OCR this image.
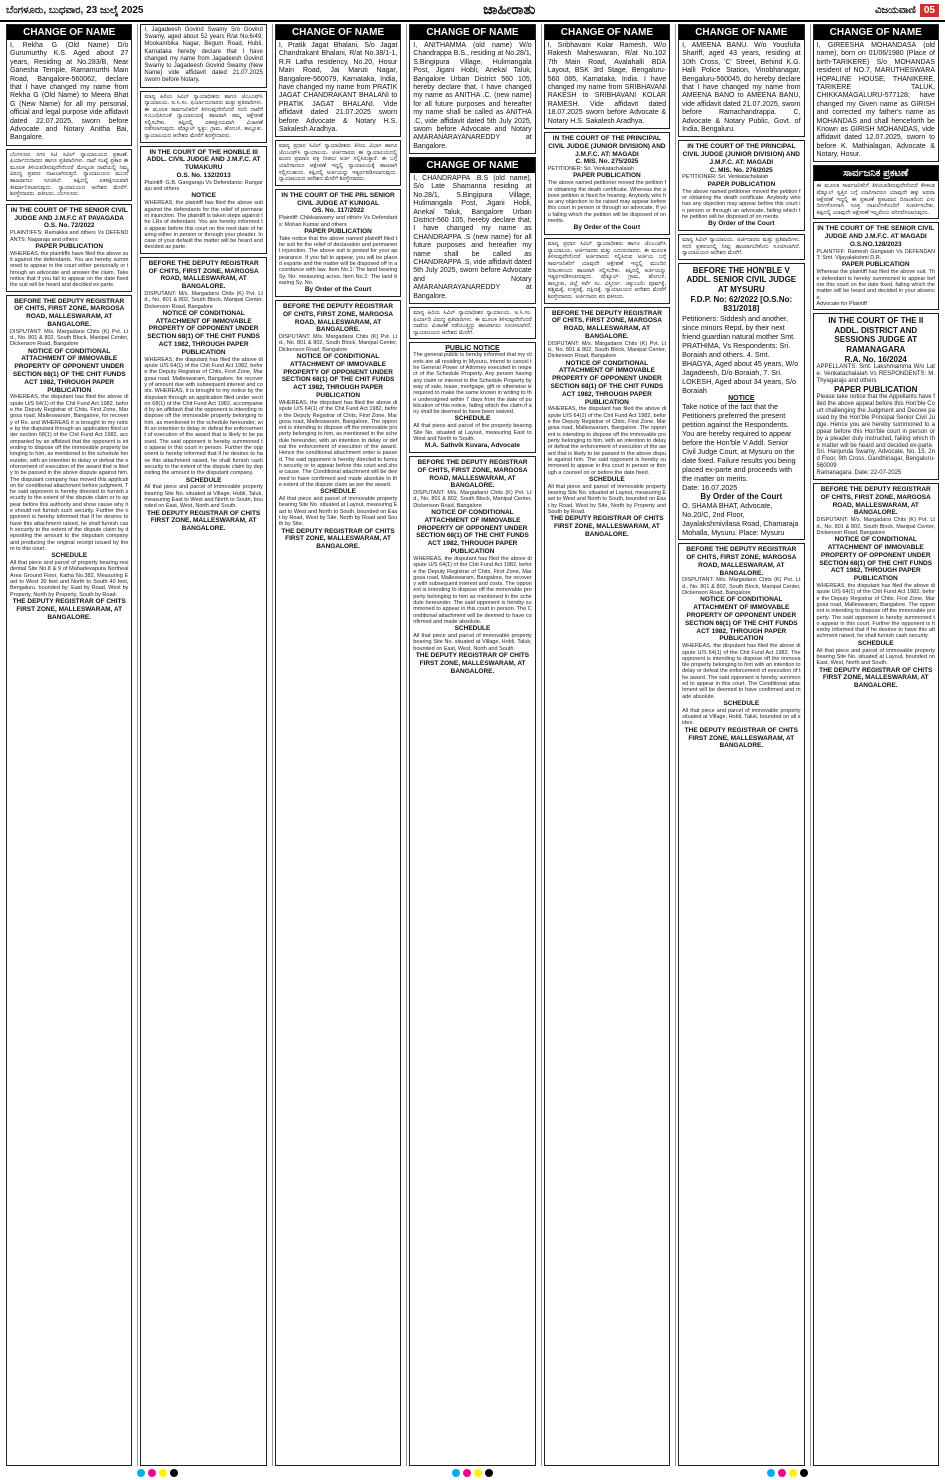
ಬೆಂಗಳೂರು, ಬುಧವಾರ, 23 ಜುಲೈ 2025	ಜಾಹೀರಾತು	ವಿಜಯವಾಣಿ 05
CHANGE OF NAME
I, Rekha G (Old Name) D/o Gurumurthy K.S. Aged about 27 years, Residing at No.283/B, Near Ganesha Temple, Ramamurthi Main Road, Bangalore-560062, declare that I have changed my name from Rekha G (Old Name) to Meera Bhat G (New Name) for all my personal, official and legal purpose vide affidavit dated 22.07.2025, sworn before Advocate and Notary Anitha Bai, Bangalore.
ಬೆಂಗಳೂರು ನಗರ ಸಿಟಿ ಸಿವಿಲ್ ನ್ಯಾಯಾಲಯದ ಪ್ರಕಟಣೆ. ಫಿರ್ಯಾದುದಾರರು ಹಾಗೂ ಪ್ರತಿವಾದಿಗಳು. ದಾವೆ ಸಂಖ್ಯೆ ಪ್ರಕಾರ ಈ ಮೂಲಕ ತಿಳಿಯಪಡಿಸುವುದೇನೆಂದರೆ ಮೇಲ್ಕಂಡ ದಾವೆಯಲ್ಲಿ ನಿಮ್ಮ ವಿರುದ್ಧ ಪ್ರಕರಣ ದಾಖಲಾಗಿರುತ್ತದೆ. ನ್ಯಾಯಾಲಯದ ಮುಂದೆ ಹಾಜರಾಗಲು ಸೂಚಿಸಿದೆ. ತಪ್ಪಿದಲ್ಲಿ ಏಕಪಕ್ಷೀಯವಾಗಿ ತೀರ್ಮಾನಿಸಲಾಗುವುದು. ನ್ಯಾಯಾಲಯದ ಆದೇಶದ ಮೇರೆಗೆ. ಶಿರಸ್ತೇದಾರರು. ವಕೀಲರು, ಬೆಂಗಳೂರು.
IN THE COURT OF THE SENIOR CIVIL JUDGE AND J.M.F.C AT PAVAGADA
O.S. No. 72/2022
PLAINTIFFS: Ramakka and others Vs DEFENDANTS: Nagaraja and others
PAPER PUBLICATION
WHEREAS, the plaintiffs have filed the above suit against the defendants. You are hereby summoned to appear in the court either personally or through an advocate and answer the claim. Take notice that if you fail to appear on the date fixed the suit will be heard and decided ex parte.
BEFORE THE DEPUTY REGISTRAR OF CHITS, FIRST ZONE, MARGOSA ROAD, MALLESWARAM, AT BANGALORE.
DISPUTANT: M/s. Margadarsi Chits (K) Pvt. Ltd., No. 801 & 802, South Block, Manipal Center, Dickenson Road, Bangalore
NOTICE OF CONDITIONAL ATTACHMENT OF IMMOVABLE PROPERTY OF OPPONENT UNDER SECTION 68(1) OF THE CHIT FUNDS ACT 1982, THROUGH PAPER PUBLICATION
WHEREAS, the disputant has filed the above dispute U/S 64(1) of the Chit Fund Act 1982, before the Deputy Registrar of Chits, First Zone, Margosa road, Malleswaram, Bangalore, for recovery of Rs. and WHEREAS it is brought to my notice by the disputant through an application filed under section 68(1) of the Chit Fund Act 1982, accompanied by an affidavit that the opponent is intending to dispose off the immovable property belonging to him, as mentioned in the schedule hereunder, with an intention to delay or defeat the enforcement of execution of the award that is likely to be passed in the above dispute against him. The disputant company has moved this application for conditional attachment before judgment. The said opponent is hereby directed to furnish security to the extent of the dispute claim or to appear before this authority and show cause why he should not furnish such security. Further the opponent is hereby informed that if he desires to have this attachment raised, he shall furnish cash security to the extent of the dispute claim by depositing the amount to the disputant company and producing the original receipt issued by them to this court.
SCHEDULE
All that piece and parcel of property bearing residential Site No.8 & 9 of Mahadevapura Northeal Area Ground Floor, Katha No.382, Measuring East to West 30 feet and North to South 40 feet, Bengaluru, bounded by: East by Road, West by Property, North by Property, South by Road.
THE DEPUTY REGISTRAR OF CHITS FIRST ZONE, MALLESWARAM, AT BANGALORE.
I, Jagadeesh Govind Swamy S/o Govind Swamy, aged about 52 years R/at No.6/49, Mookambika Nagar, Begum Road, Hubli, Karnataka hereby declare that I have changed my name from Jagadeesh Govind Swamy to Jagadeesh Govind Swamy (New Name) vide affidavit dated 21.07.2025 sworn before Notary.
ಮಾನ್ಯ ಹಿರಿಯ ಸಿವಿಲ್ ನ್ಯಾಯಾಧೀಶರು ಹಾಗೂ ಜೆಎಂಎಫ್‌ಸಿ ನ್ಯಾಯಾಲಯ. ಅ.ಸಿ.ಸಂ. ಫಿರ್ಯಾದುದಾರರು ಮತ್ತು ಪ್ರತಿವಾದಿಗಳು. ಈ ಮೂಲಕ ಸಾರ್ವಜನಿಕರಿಗೆ ತಿಳಿಸುವುದೇನೆಂದರೆ ಸದರಿ ದಾವೆಗೆ ಸಂಬಂಧಿಸಿದಂತೆ ನ್ಯಾಯಾಲಯಕ್ಕೆ ಹಾಜರಾಗಿ ತಮ್ಮ ಆಕ್ಷೇಪಣೆ ಸಲ್ಲಿಸಬೇಕು. ತಪ್ಪಿದಲ್ಲಿ ಏಕಪಕ್ಷೀಯವಾಗಿ ವಿಚಾರಣೆ ನಡೆಸಲಾಗುವುದು. ಷೆಡ್ಯೂಲ್ ಸ್ವತ್ತು: ಗ್ರಾಮ, ಹೋಬಳಿ, ತಾಲ್ಲೂಕು. ನ್ಯಾಯಾಲಯದ ಆದೇಶದ ಮೇರೆಗೆ ಶಿರಸ್ತೇದಾರರು.
IN THE COURT OF THE HONBLE III ADDL. CIVIL JUDGE AND J.M.F.C. AT TUMAKURU
O.S. No. 132/2013
Plaintiff: G.B. Gangaraju Vs Defendants: Rangaraju and others
NOTICE
WHEREAS, the plaintiff has filed the above suit against the defendants for the relief of permanent injunction. The plaintiff is taken steps against the LRs of defendant. You are hereby informed to appear before this court on the next date of hearing either in person or through your pleader. In case of your default the matter will be heard and decided as parte.
BEFORE THE DEPUTY REGISTRAR OF CHITS, FIRST ZONE, MARGOSA ROAD, MALLESWARAM, AT BANGALORE.
DISPUTANT: M/s. Margadarsi Chits (K) Pvt. Ltd., No. 801 & 802, South Block, Manipal Center, Dickenson Road, Bangalore
NOTICE OF CONDITIONAL ATTACHMENT OF IMMOVABLE PROPERTY OF OPPONENT UNDER SECTION 68(1) OF THE CHIT FUNDS ACT 1982, THROUGH PAPER PUBLICATION
WHEREAS, the disputant has filed the above dispute U/S 64(1) of the Chit Fund Act 1982, before the Deputy Registrar of Chits, First Zone, Margosa road, Malleswaram, Bangalore, for recovery of amount due with subsequent interest and costs. WHEREAS, it is brought to my notice by the disputant through an application filed under section 68(1) of the Chit Fund Act 1982, accompanied by an affidavit that the opponent is intending to dispose off the immovable property belonging to him, as mentioned in the schedule hereunder, with an intention to delay or defeat the enforcement of execution of the award that is likely to be passed. The said opponent is hereby summoned to appear in this court in person. Further the opponent is hereby informed that if he desires to have this attachment raised, he shall furnish cash security to the extent of the dispute claim by depositing the amount to the disputant company.
SCHEDULE
All that piece and parcel of immovable property bearing Site No. situated at Village, Hobli, Taluk, measuring East to West and North to South, bounded on East, West, North and South.
THE DEPUTY REGISTRAR OF CHITS FIRST ZONE, MALLESWARAM, AT BANGALORE.
CHANGE OF NAME
I, Pratik Jagat Bhalani, S/o Jagat Chandrakant Bhalani, R/at No.38/1-1, R.R Latha residency, No.20, Hosur Main Road, Jai Maruti Nagar, Bangalore-560079, Karnataka, India, have changed my name from PRATIK JAGAT CHANDRAKANT BHALANI to PRATIK JAGAT BHALANI. Vide affidavit dated 21.07.2025 sworn before Advocate & Notary H.S. Sakalesh Aradhya.
ಮಾನ್ಯ ಪ್ರಧಾನ ಸಿವಿಲ್ ನ್ಯಾಯಾಧೀಶರು ಕಿರಿಯ ವಿಭಾಗ ಹಾಗೂ ಜೆಎಂಎಫ್‌ಸಿ ನ್ಯಾಯಾಲಯ. ಅರ್ಜಿದಾರರು ಈ ನ್ಯಾಯಾಲಯದಲ್ಲಿ ಮರಣ ಪ್ರಮಾಣ ಪತ್ರ ನೀಡಲು ಅರ್ಜಿ ಸಲ್ಲಿಸಿರುತ್ತಾರೆ. ಈ ಬಗ್ಗೆ ಯಾರಿಗಾದರೂ ಆಕ್ಷೇಪಣೆ ಇದ್ದಲ್ಲಿ ನ್ಯಾಯಾಲಯಕ್ಕೆ ಹಾಜರಾಗಿ ಸಲ್ಲಿಸಬಹುದು. ತಪ್ಪಿದಲ್ಲಿ ಅರ್ಜಿಯನ್ನು ಇತ್ಯರ್ಥಪಡಿಸಲಾಗುವುದು. ನ್ಯಾಯಾಲಯದ ಆದೇಶದ ಮೇರೆಗೆ ಶಿರಸ್ತೇದಾರರು.
IN THE COURT OF THE PRL SENIOR CIVIL JUDGE AT KUNIGAL
OS. No. 117/2022
Plaintiff: Chikkaswamy and others Vs Defendants: Mohan Kumar and others
PAPER PUBLICATION
Take notice that the above named plaintiff filed the suit for the relief of declaration and permanent injunction. The above suit is posted for your appearance. If you fail to appear, you will be placed exparte and the matter will be disposed off in accordance with law. Item No.1: The land bearing Sy. No. measuring acres. Item No.2: The land bearing Sy. No.
By Order of the Court
BEFORE THE DEPUTY REGISTRAR OF CHITS, FIRST ZONE, MARGOSA ROAD, MALLESWARAM, AT BANGALORE.
DISPUTANT: M/s. Margadarsi Chits (K) Pvt. Ltd., No. 801 & 802, South Block, Manipal Center, Dickenson Road, Bangalore
NOTICE OF CONDITIONAL ATTACHMENT OF IMMOVABLE PROPERTY OF OPPONENT UNDER SECTION 68(1) OF THE CHIT FUNDS ACT 1982, THROUGH PAPER PUBLICATION
WHEREAS, the disputant has filed the above dispute U/S 64(1) of the Chit Fund Act 1982, before the Deputy Registrar of Chits, First Zone, Margosa road, Malleswaram, Bangalore. The opponent is intending to dispose off the immovable property belonging to him, as mentioned in the schedule hereunder, with an intention to delay or defeat the enforcement of execution of the award. Hence the conditional attachment order is passed. The said opponent is hereby directed to furnish security or to appear before this court and show cause. The Conditional attachment will be deemed to have confirmed and made absolute to the extent of the dispute claim as per the award.
SCHEDULE
All that piece and parcel of immovable property bearing Site No. situated at Layout, measuring East to West and North to South, bounded on East by Road, West by Site, North by Road and South by Site.
THE DEPUTY REGISTRAR OF CHITS FIRST ZONE, MALLESWARAM, AT BANGALORE.
CHANGE OF NAME
I, ANITHAMMA (old name) W/o Chandrappa B.S., residing at No.28/1, S.Bingipura Village, Hulimangala Post, Jigani Hobli, Anekal Taluk, Bangalore Urban District 560 105, hereby declare that, I have changed my name as ANITHA .C. (new name) for all future purposes and hereafter my name shall be called as ANITHA .C, vide affidavit dated 5th July 2025, sworn before Advocate and Notary AMARANARAYANAREDDY at Bangalore.
CHANGE OF NAME
I, CHANDRAPPA .B.S (old name), S/o Late Shamanna residing at No.28/1, S.Bingipura Village, Hulimangala Post, Jigani Hobli, Anekal Taluk, Bangalore Urban District-560 105, hereby declare that, I have changed my name as CHANDRAPPA .S (new name) for all future purposes and hereafter my name shall be called as CHANDRAPPA .S, vide affidavit dated 5th July 2025, sworn before Advocate and Notary AMARANARAYANAREDDY at Bangalore.
ಮಾನ್ಯ ಹಿರಿಯ ಸಿವಿಲ್ ನ್ಯಾಯಾಧೀಶರ ನ್ಯಾಯಾಲಯ. ಅ.ಸಿ.ಸಂ. ಫಿರ್ಯಾದಿ ವಿರುದ್ಧ ಪ್ರತಿವಾದಿಗಳು. ಈ ಮೂಲಕ ತಿಳಿಸುವುದೇನೆಂದರೆ ದಾವೆಯ ವಿಚಾರಣೆ ನಡೆಯುತ್ತಿದ್ದು ಹಾಜರಾಗಲು ಸೂಚಿಸಲಾಗಿದೆ. ನ್ಯಾಯಾಲಯದ ಆದೇಶದ ಮೇರೆಗೆ.
PUBLIC NOTICE
The general public is hereby informed that my clients are all residing in Mysuru, intend to cancel the General Power of Attorney executed in respect of the Schedule Property. Any person having any claim or interest in the Schedule Property by way of sale, lease, mortgage, gift or otherwise is required to make the same known in writing to the undersigned within 7 days from the date of publication of this notice, failing which the claim if any shall be deemed to have been waived.
SCHEDULE
All that piece and parcel of the property bearing Site No. situated at Layout, measuring East to West and North to South.
M.A. Sathvik Kuvara, Advocate
BEFORE THE DEPUTY REGISTRAR OF CHITS, FIRST ZONE, MARGOSA ROAD, MALLESWARAM, AT BANGALORE.
DISPUTANT: M/s. Margadarsi Chits (K) Pvt. Ltd., No. 801 & 802, South Block, Manipal Center, Dickenson Road, Bangalore
NOTICE OF CONDITIONAL ATTACHMENT OF IMMOVABLE PROPERTY OF OPPONENT UNDER SECTION 68(1) OF THE CHIT FUNDS ACT 1982, THROUGH PAPER PUBLICATION
WHEREAS, the disputant has filed the above dispute U/S 64(1) of the Chit Fund Act 1982, before the Deputy Registrar of Chits, First Zone, Margosa road, Malleswaram, Bangalore, for recovery with subsequent interest and costs. The opponent is intending to dispose off the immovable property belonging to him as mentioned in the schedule hereunder. The said opponent is hereby summoned to appear in this court in person. The Conditional attachment will be deemed to have confirmed and made absolute.
SCHEDULE
All that piece and parcel of immovable property bearing Site No. situated at Village, Hobli, Taluk, bounded on East, West, North and South.
THE DEPUTY REGISTRAR OF CHITS FIRST ZONE, MALLESWARAM, AT BANGALORE.
CHANGE OF NAME
I, Sribhavani Kolar Ramesh, W/o Rakesh Maheswaran, R/at No.102 7th Main Road, Avalahalli BDA Layout, BSK 3rd Stage, Bengaluru-560 085, Karnataka, India. I have changed my name from SRIBHAVANI RAKESH to SRIBHAVANI KOLAR RAMESH. Vide affidavit dated 18.07.2025 sworn before Advocate & Notary H.S. Sakalesh Aradhya.
IN THE COURT OF THE PRINCIPAL CIVIL JUDGE (JUNIOR DIVISION) AND J.M.F.C. AT: MAGADI
C. MIS. No. 275/2025
PETITIONER: Sri. Venkatachalaiah
PAPER PUBLICATION
The above named petitioner moved the petition for obtaining the death certificate. Whereas the above petition is fixed for hearing. Anybody who has any objection to be raised may appear before this court in person or through an advocate. If you failing which the petition will be disposed of on merits.
By Order of the Court
ಮಾನ್ಯ ಪ್ರಧಾನ ಸಿವಿಲ್ ನ್ಯಾಯಾಧೀಶರು ಹಾಗೂ ಜೆಎಂಎಫ್‌ಸಿ ನ್ಯಾಯಾಲಯ. ಅರ್ಜಿದಾರರು ಮತ್ತು ಎದುರುದಾರರು. ಈ ಮೂಲಕ ತಿಳಿಸುವುದೇನೆಂದರೆ ಅರ್ಜಿದಾರರು ಸಲ್ಲಿಸಿರುವ ಅರ್ಜಿಯ ಬಗ್ಗೆ ಸಾರ್ವಜನಿಕರಿಗೆ ಯಾವುದೇ ಆಕ್ಷೇಪಣೆ ಇದ್ದಲ್ಲಿ ಮುಂದಿನ ದಿನಾಂಕದಂದು ಹಾಜರಾಗಿ ಸಲ್ಲಿಸಬೇಕು. ತಪ್ಪಿದಲ್ಲಿ ಅರ್ಜಿಯನ್ನು ಇತ್ಯರ್ಥಪಡಿಸಲಾಗುವುದು. ಷೆಡ್ಯೂಲ್: ಗ್ರಾಮ, ಹೋಬಳಿ, ತಾಲ್ಲೂಕು, ಜಿಲ್ಲೆ ಸರ್ವೆ ನಂ. ವಿಸ್ತೀರ್ಣ. ಚಕ್ಕುಬಂದಿ: ಪೂರ್ವಕ್ಕೆ, ಪಶ್ಚಿಮಕ್ಕೆ, ಉತ್ತರಕ್ಕೆ, ದಕ್ಷಿಣಕ್ಕೆ. ನ್ಯಾಯಾಲಯದ ಆದೇಶದ ಮೇರೆಗೆ ಶಿರಸ್ತೇದಾರರು. ಅರ್ಜಿದಾರರ ಪರ ವಕೀಲರು.
BEFORE THE DEPUTY REGISTRAR OF CHITS, FIRST ZONE, MARGOSA ROAD, MALLESWARAM, AT BANGALORE.
DISPUTANT: M/s. Margadarsi Chits (K) Pvt. Ltd., No. 801 & 802, South Block, Manipal Center, Dickenson Road, Bangalore
NOTICE OF CONDITIONAL ATTACHMENT OF IMMOVABLE PROPERTY OF OPPONENT UNDER SECTION 68(1) OF THE CHIT FUNDS ACT 1982, THROUGH PAPER PUBLICATION
WHEREAS, the disputant has filed the above dispute U/S 64(1) of the Chit Fund Act 1982, before the Deputy Registrar of Chits, First Zone, Margosa road, Malleswaram, Bangalore. The opponent is intending to dispose off the immovable property belonging to him, with an intention to delay or defeat the enforcement of execution of the award that is likely to be passed in the above dispute against him. The said opponent is hereby summoned to appear in this court in person or through a counsel on or before the date fixed.
SCHEDULE
All that piece and parcel of immovable property bearing Site No. situated at Layout, measuring East to West and North to South, bounded on East by Road, West by Site, North by Property and South by Road.
THE DEPUTY REGISTRAR OF CHITS FIRST ZONE, MALLESWARAM, AT BANGALORE.
CHANGE OF NAME
I, AMEENA BANU. W/o Yousfulla Shariff, aged 43 years, residing at 10th Cross, 'C' Street, Behind K.G. Halli Police Station, Vinobhanagar, Bengaluru-560045, do hereby declare that I have changed my name from AMEENA BANO to AMEENA BANU, vide affidavit dated 21.07.2025, sworn before Ramachandrappa. C, Advocate & Notary Public, Govt. of India, Bengaluru.
IN THE COURT OF THE PRINCIPAL CIVIL JUDGE (JUNIOR DIVISION) AND J.M.F.C. AT: MAGADI
C. MIS. No. 276/2025
PETITIONER: Sri. Venkatachalaiah
PAPER PUBLICATION
The above named petitioner moved the petition for obtaining the death certificate. Anybody who has any objection may appear before this court in person or through an advocate, failing which the petition will be disposed of on merits.
By Order of the Court
ಮಾನ್ಯ ಸಿವಿಲ್ ನ್ಯಾಯಾಲಯ. ಅರ್ಜಿದಾರರು ಮತ್ತು ಪ್ರತಿವಾದಿಗಳು. ಸದರಿ ಪ್ರಕರಣದಲ್ಲಿ ನೀವು ಹಾಜರಾಗಬೇಕೆಂದು ಸೂಚಿಸಲಾಗಿದೆ. ನ್ಯಾಯಾಲಯದ ಆದೇಶದ ಮೇರೆಗೆ.
BEFORE THE HON'BLE V ADDL. SENIOR CIVIL JUDGE AT MYSURU
F.D.P. No: 62/2022 [O.S.No: 831/2018]
Petitioners: Siddesh and another, since minors Repd, by their next friend guardian natural mother Smt. PRATHIMA, Vs Respondents: Sri. Boraiah and others. 4. Smt. BHAGYA, Aged about 45 years, W/o Jagadeesh, D/o Boraiah, 7. Sri. LOKESH, Aged about 34 years, S/o Boraiah
NOTICE
Take notice of the fact that the Petitioners preferred the present petition against the Respondents. You are hereby required to appear before the Hon'ble V Addl. Senior Civil Judge Court, at Mysuru on the date fixed. Failure results you being placed ex-parte and proceeds with the matter on merits.
Date: 16.07.2025
By Order of the Court
O. SHAMA BHAT, Advocate, No.20/C, 2nd Floor, Jayalakshmivilasa Road, Chamaraja Mohalla, Mysuru. Place: Mysuru
BEFORE THE DEPUTY REGISTRAR OF CHITS, FIRST ZONE, MARGOSA ROAD, MALLESWARAM, AT BANGALORE.
DISPUTANT: M/s. Margadarsi Chits (K) Pvt. Ltd., No. 801 & 802, South Block, Manipal Center, Dickenson Road, Bangalore
NOTICE OF CONDITIONAL ATTACHMENT OF IMMOVABLE PROPERTY OF OPPONENT UNDER SECTION 68(1) OF THE CHIT FUNDS ACT 1982, THROUGH PAPER PUBLICATION
WHEREAS, the disputant has filed the above dispute U/S 64(1) of the Chit Fund Act 1982. The opponent is intending to dispose off the immovable property belonging to him with an intention to delay or defeat the enforcement of execution of the award. The said opponent is hereby summoned to appear in this court. The Conditional attachment will be deemed to have confirmed and made absolute.
SCHEDULE
All that piece and parcel of immovable property situated at Village, Hobli, Taluk, bounded on all sides.
THE DEPUTY REGISTRAR OF CHITS FIRST ZONE, MALLESWARAM, AT BANGALORE.
CHANGE OF NAME
I, GIREESHA MOHANDASA (old name), born on 01/06/1980 (Place of birth-TARIKERE) S/o MOHANDAS resident of NO.7, MARUTHESWARA HOPALINE HOUSE, THANIKERE, TARIKERE TALUK, CHIKKAMAGALURU-577128; have changed my Given name as GIRISH and corrected my father's name as MOHANDAS and shall henceforth be Known as GIRISH MOHANDAS, vide affidavit dated 12.07.2025, sworn to before K. Mathialagan, Advocate & Notary, Hosur.
ಸಾರ್ವಜನಿಕ ಪ್ರಕಟಣೆ
ಈ ಮೂಲಕ ಸಾರ್ವಜನಿಕರಿಗೆ ತಿಳಿಯಪಡಿಸುವುದೇನೆಂದರೆ ಕೆಳಕಂಡ ಷೆಡ್ಯೂಲ್ ಸ್ವತ್ತಿನ ಬಗ್ಗೆ ಯಾರಿಗಾದರೂ ಯಾವುದೇ ಹಕ್ಕು ಅಥವಾ ಆಕ್ಷೇಪಣೆ ಇದ್ದಲ್ಲಿ ಈ ಪ್ರಕಟಣೆ ಪ್ರಕಟವಾದ ದಿನಾಂಕದಿಂದ ಏಳು ದಿನಗಳೊಳಗಾಗಿ ಸೂಕ್ತ ದಾಖಲೆಗಳೊಂದಿಗೆ ಸಂಪರ್ಕಿಸಬೇಕು. ತಪ್ಪಿದಲ್ಲಿ ಯಾವುದೇ ಆಕ್ಷೇಪಣೆ ಇಲ್ಲವೆಂದು ಪರಿಗಣಿಸಲಾಗುವುದು.
IN THE COURT OF THE SENIOR CIVIL JUDGE AND J.M.F.C. AT MAGADI
O.S.NO.128/2023
PLAINTIFF: Ramesh Gangaiah Vs DEFENDANT: Smt. Vijayalakshmi D.R.
PAPER PUBLICATION
Whereas the plaintiff has filed the above suit. The defendant is hereby summoned to appear before this court on the date fixed, failing which the matter will be heard and decided in your absence.
Advocate for Plaintiff
IN THE COURT OF THE II ADDL. DISTRICT AND SESSIONS JUDGE AT RAMANAGARA
R.A. No. 16/2024
APPELLANTS: Smt. Lakshmamma W/o Late. Venkatachalaiah Vs RESPONDENTS: M. Thyagaraju and others
PAPER PUBLICATION
Please take notice that the Appellants have filed the above appeal before this Hon'ble Court challenging the Judgment and Decree passed by the Hon'ble Principal Senior Civil Judge. Hence you are hereby summoned to appear before this Hon'ble court in person or by a pleader duly instructed, failing which the matter will be heard and decided ex-parte.
Sri. Hanjunda Swamy, Advocate, No. 15, 2nd Floor, 9th Cross, Gandhinagar, Bengaluru-560009
Ramanagara. Date: 22-07-2025
BEFORE THE DEPUTY REGISTRAR OF CHITS, FIRST ZONE, MARGOSA ROAD, MALLESWARAM, AT BANGALORE.
DISPUTANT: M/s. Margadarsi Chits (K) Pvt. Ltd., No. 801 & 802, South Block, Manipal Center, Dickenson Road, Bangalore
NOTICE OF CONDITIONAL ATTACHMENT OF IMMOVABLE PROPERTY OF OPPONENT UNDER SECTION 68(1) OF THE CHIT FUNDS ACT 1982, THROUGH PAPER PUBLICATION
WHEREAS, the disputant has filed the above dispute U/S 64(1) of the Chit Fund Act 1982, before the Deputy Registrar of Chits, First Zone, Margosa road, Malleswaram, Bangalore. The opponent is intending to dispose off the immovable property. The said opponent is hereby summoned to appear in this court. Further the opponent is hereby informed that if he desires to have this attachment raised, he shall furnish cash security.
SCHEDULE
All that piece and parcel of immovable property bearing Site No. situated at Layout, bounded on East, West, North and South.
THE DEPUTY REGISTRAR OF CHITS FIRST ZONE, MALLESWARAM, AT BANGALORE.
